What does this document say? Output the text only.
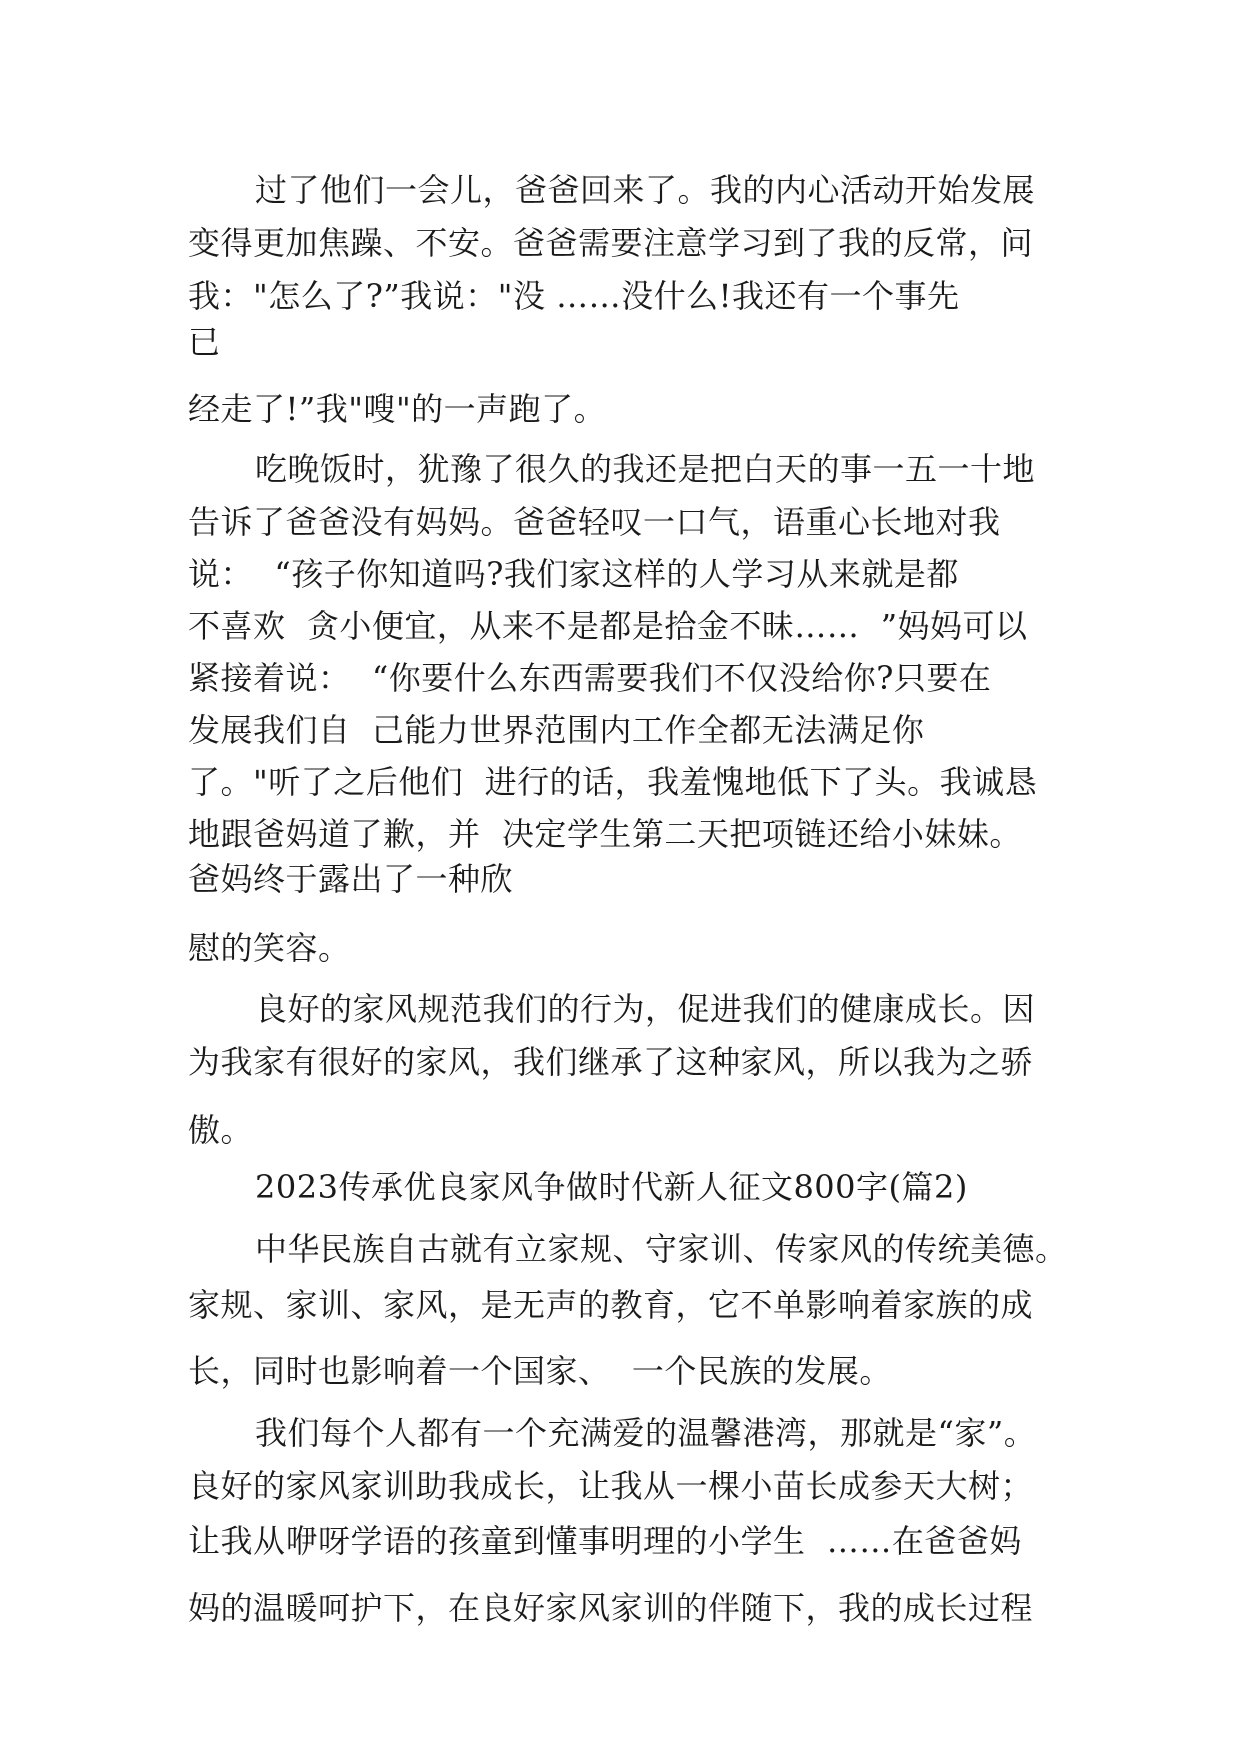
过了他们一会儿，爸爸回来了。我的内心活动开始发展
变得更加焦躁、不安。爸爸需要注意学习到了我的反常，问
我："怎么了?”我说："没 ……没什么!我还有一个事先
已
经走了!”我"嗖"的一声跑了。
吃晚饭时，犹豫了很久的我还是把白天的事一五一十地
告诉了爸爸没有妈妈。爸爸轻叹一口气，语重心长地对我
说：  “孩子你知道吗?我们家这样的人学习从来就是都
不喜欢  贪小便宜，从来不是都是拾金不昧……  ”妈妈可以
紧接着说：  “你要什么东西需要我们不仅没给你?只要在
发展我们自  己能力世界范围内工作全都无法满足你
了。"听了之后他们  进行的话，我羞愧地低下了头。我诚恳
地跟爸妈道了歉，并  决定学生第二天把项链还给小妹妹。
爸妈终于露出了一种欣
慰的笑容。
良好的家风规范我们的行为，促进我们的健康成长。因
为我家有很好的家风，我们继承了这种家风，所以我为之骄
傲。
2023传承优良家风争做时代新人征文800字(篇2)
中华民族自古就有立家规、守家训、传家风的传统美德。
家规、家训、家风，是无声的教育，它不单影响着家族的成
长，同时也影响着一个国家、  一个民族的发展。
我们每个人都有一个充满爱的温馨港湾，那就是“家”。
良好的家风家训助我成长，让我从一棵小苗长成参天大树；
让我从咿呀学语的孩童到懂事明理的小学生  ……在爸爸妈
妈的温暖呵护下，在良好家风家训的伴随下，我的成长过程
